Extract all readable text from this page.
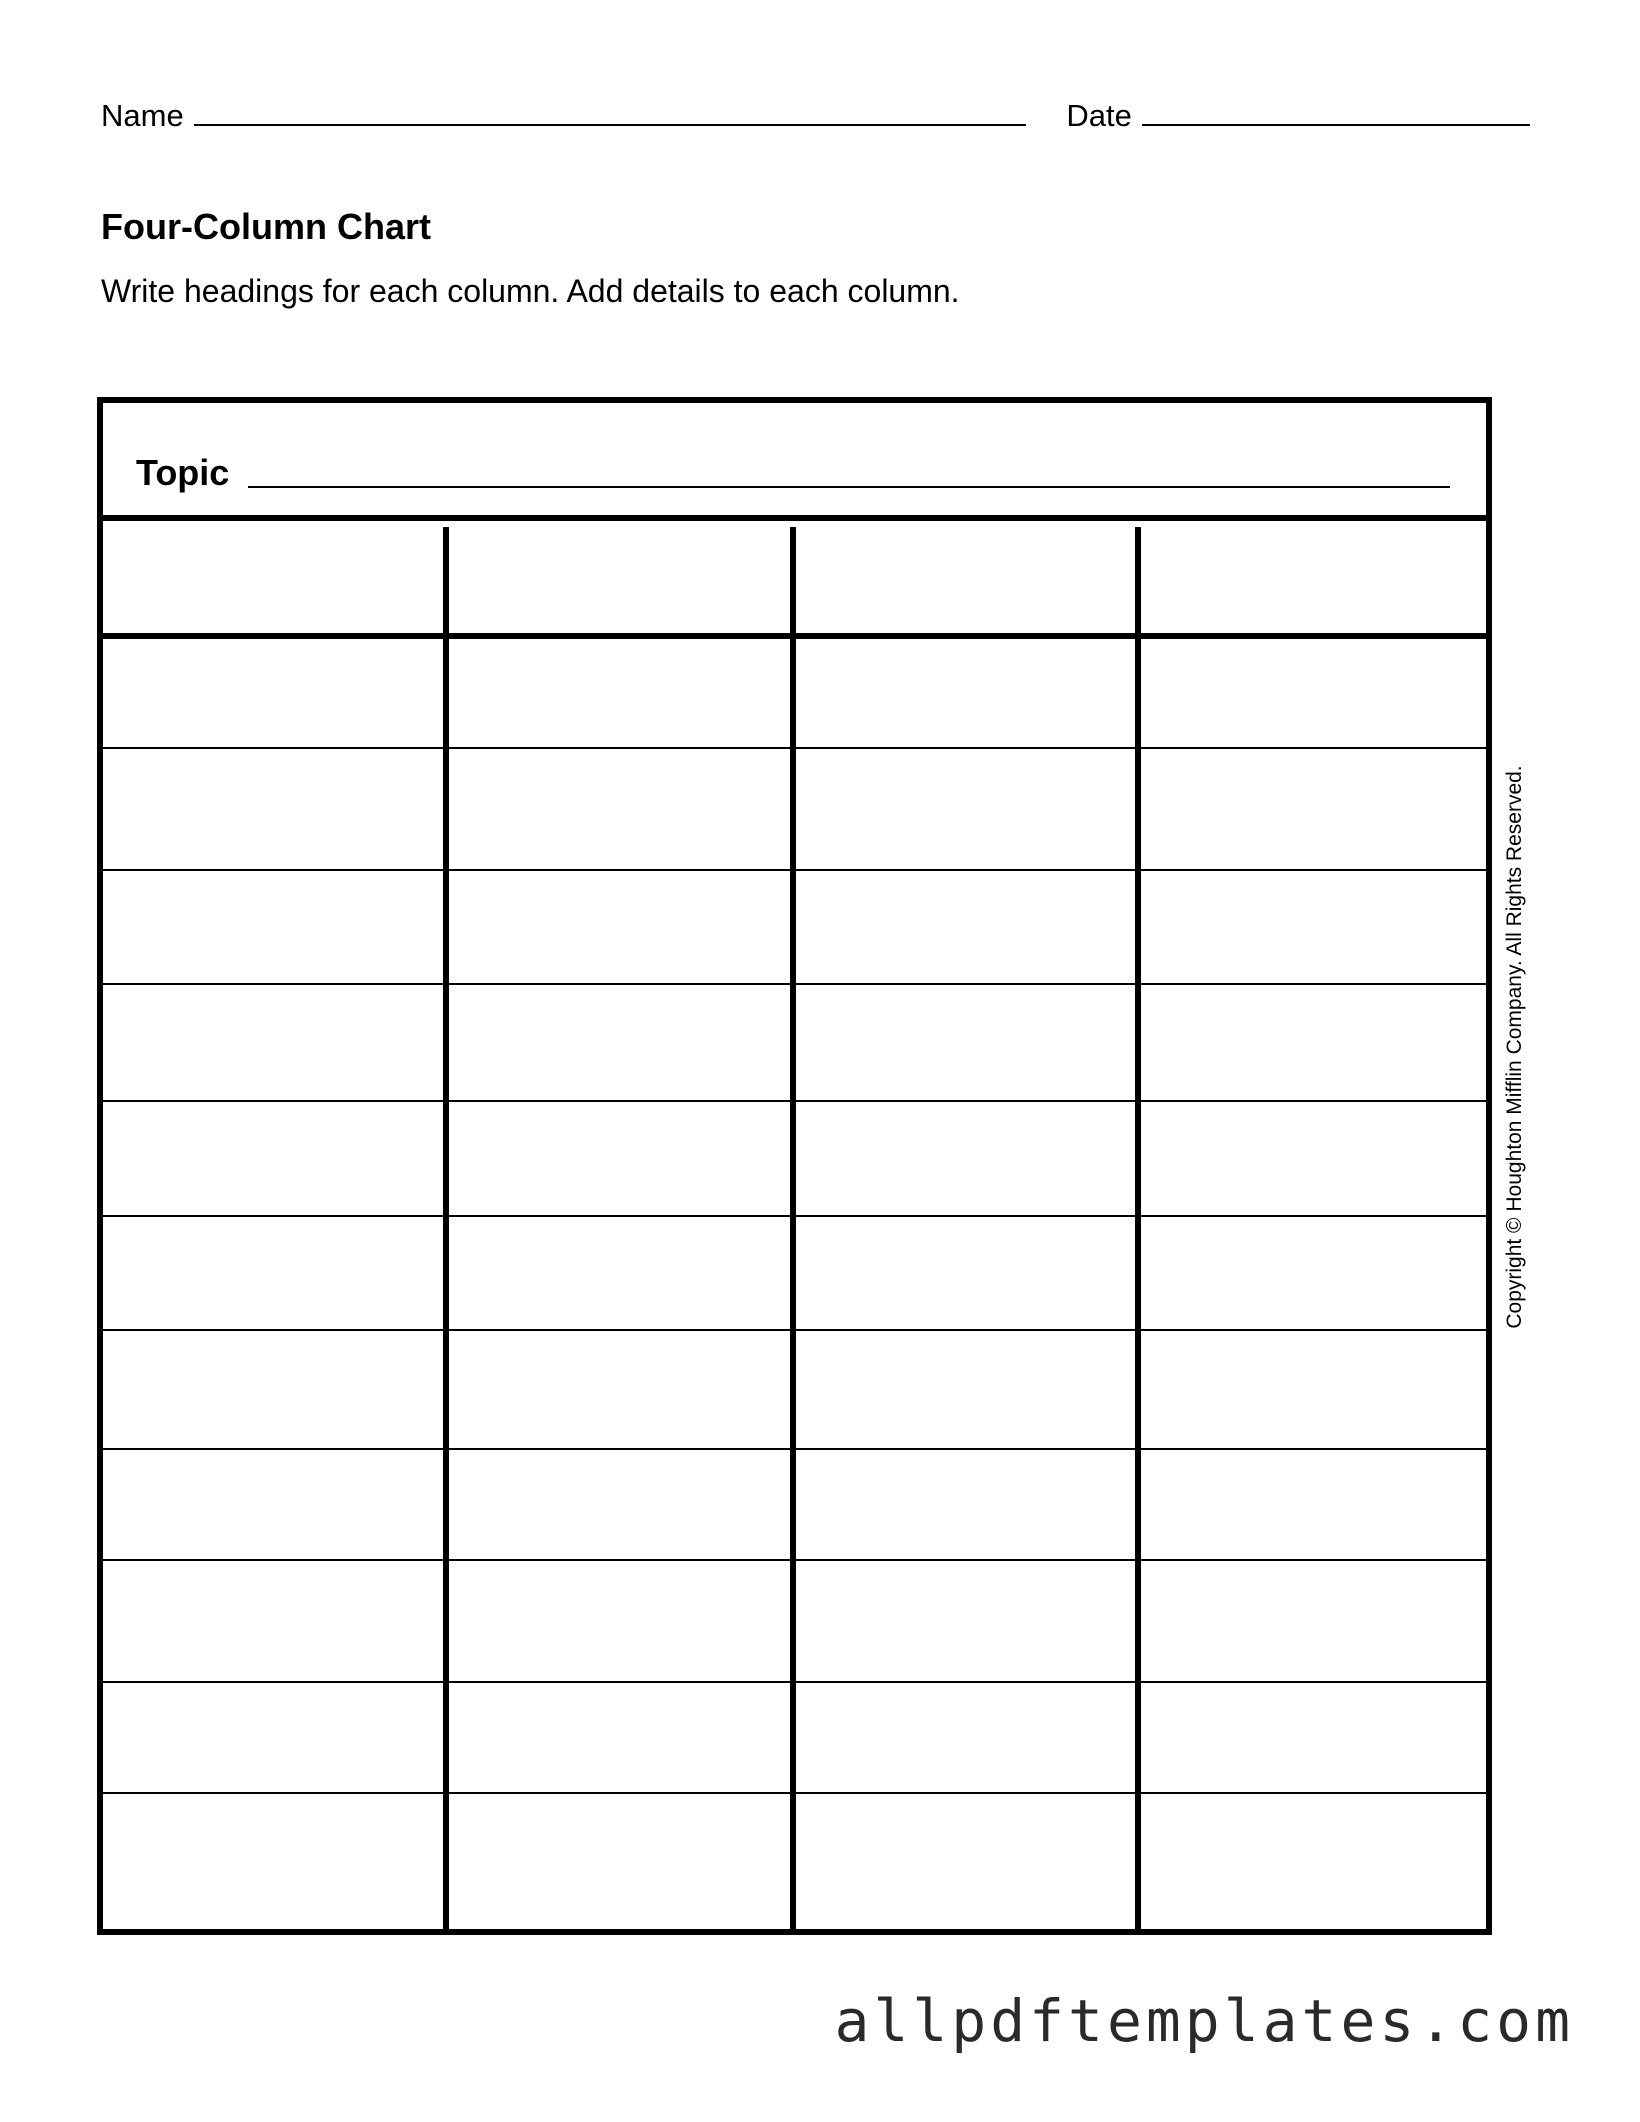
Name	Date
Four-Column Chart
Write headings for each column. Add details to each column.
Topic
Copyright © Houghton Mifflin Company. All Rights Reserved.
allpdftemplates.com
